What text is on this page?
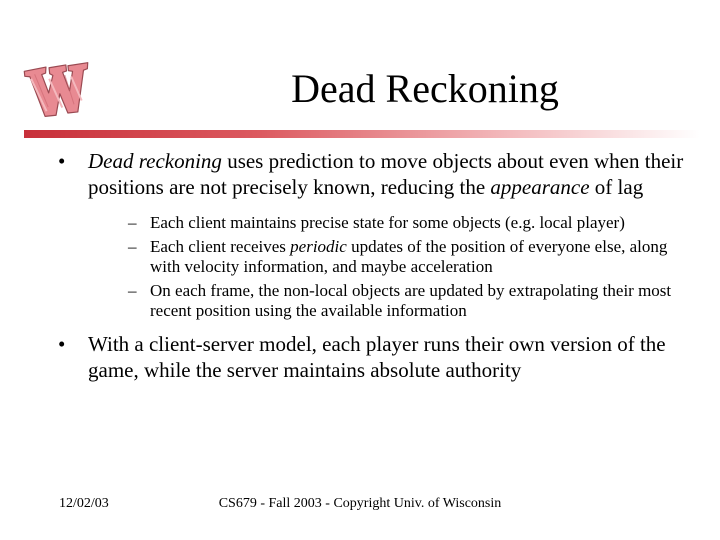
Dead Reckoning
• Dead reckoning uses prediction to move objects about even when their positions are not precisely known, reducing the appearance of lag
– Each client maintains precise state for some objects (e.g. local player)
– Each client receives periodic updates of the position of everyone else, along with velocity information, and maybe acceleration
– On each frame, the non-local objects are updated by extrapolating their most recent position using the available information
• With a client-server model, each player runs their own version of the game, while the server maintains absolute authority
12/02/03	CS679 - Fall 2003 - Copyright Univ. of Wisconsin
